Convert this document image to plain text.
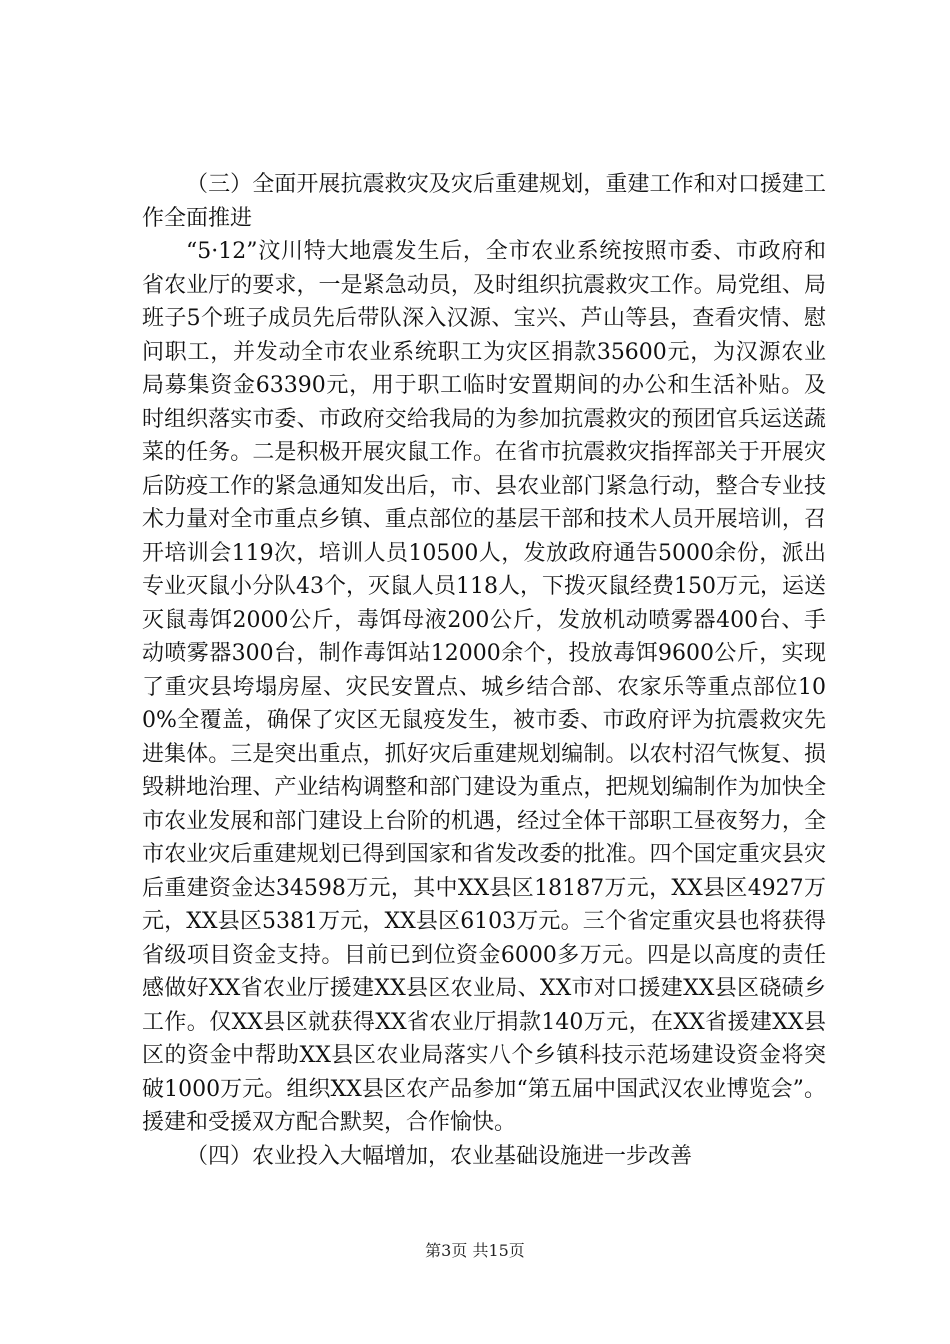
（三）全面开展抗震救灾及灾后重建规划，重建工作和对口援建工作全面推进

“5·12”汶川特大地震发生后，全市农业系统按照市委、市政府和省农业厅的要求，一是紧急动员，及时组织抗震救灾工作。局党组、局班子5个班子成员先后带队深入汉源、宝兴、芦山等县，查看灾情、慰问职工，并发动全市农业系统职工为灾区捐款35600元，为汉源农业局募集资金63390元，用于职工临时安置期间的办公和生活补贴。及时组织落实市委、市政府交给我局的为参加抗震救灾的预团官兵运送蔬菜的任务。二是积极开展灾鼠工作。在省市抗震救灾指挥部关于开展灾后防疫工作的紧急通知发出后，市、县农业部门紧急行动，整合专业技术力量对全市重点乡镇、重点部位的基层干部和技术人员开展培训，召开培训会119次，培训人员10500人，发放政府通告5000余份，派出专业灭鼠小分队43个，灭鼠人员118人，下拨灭鼠经费150万元，运送灭鼠毒饵2000公斤，毒饵母液200公斤，发放机动喷雾器400台、手动喷雾器300台，制作毒饵站12000余个，投放毒饵9600公斤，实现了重灾县垮塌房屋、灾民安置点、城乡结合部、农家乐等重点部位100%全覆盖，确保了灾区无鼠疫发生，被市委、市政府评为抗震救灾先进集体。三是突出重点，抓好灾后重建规划编制。以农村沼气恢复、损毁耕地治理、产业结构调整和部门建设为重点，把规划编制作为加快全市农业发展和部门建设上台阶的机遇，经过全体干部职工昼夜努力，全市农业灾后重建规划已得到国家和省发改委的批准。四个国定重灾县灾后重建资金达34598万元，其中XX县区18187万元，XX县区4927万元，XX县区5381万元，XX县区6103万元。三个省定重灾县也将获得省级项目资金支持。目前已到位资金6000多万元。四是以高度的责任感做好XX省农业厅援建XX县区农业局、XX市对口援建XX县区硗碛乡工作。仅XX县区就获得XX省农业厅捐款140万元，在XX省援建XX县区的资金中帮助XX县区农业局落实八个乡镇科技示范场建设资金将突破1000万元。组织XX县区农产品参加“第五届中国武汉农业博览会”。援建和受援双方配合默契，合作愉快。

（四）农业投入大幅增加，农业基础设施进一步改善

第3页 共15页
